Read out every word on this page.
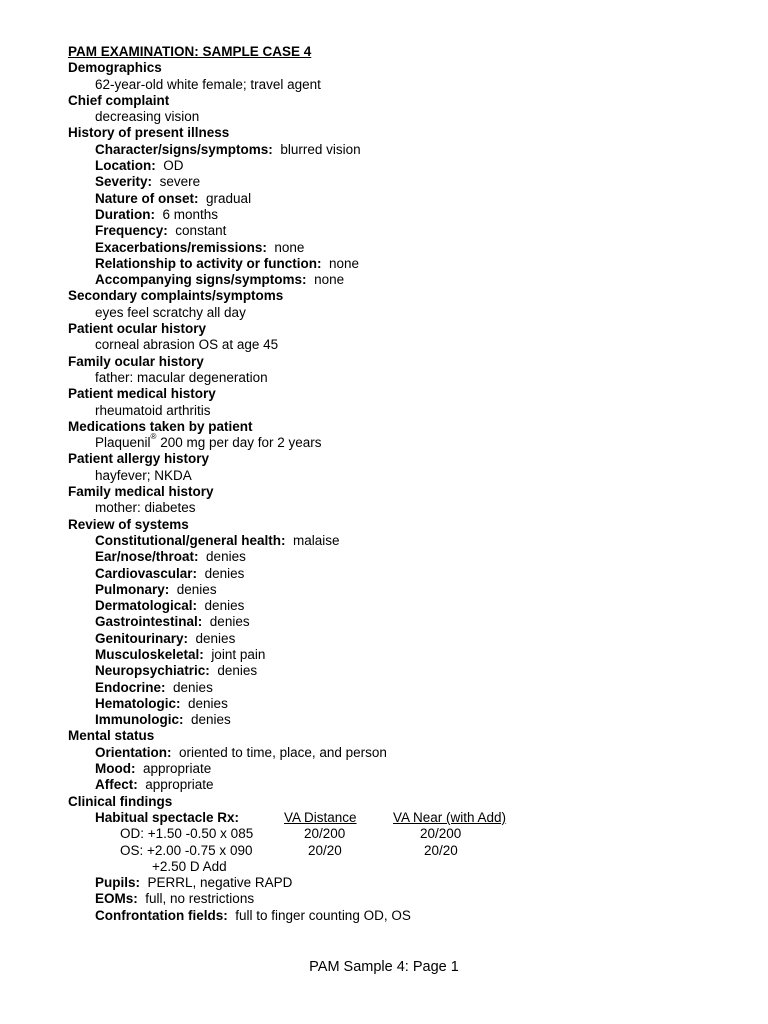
PAM EXAMINATION: SAMPLE CASE 4
Demographics
62-year-old white female; travel agent
Chief complaint
decreasing vision
History of present illness
Character/signs/symptoms: blurred vision
Location: OD
Severity: severe
Nature of onset: gradual
Duration: 6 months
Frequency: constant
Exacerbations/remissions: none
Relationship to activity or function: none
Accompanying signs/symptoms: none
Secondary complaints/symptoms
eyes feel scratchy all day
Patient ocular history
corneal abrasion OS at age 45
Family ocular history
father: macular degeneration
Patient medical history
rheumatoid arthritis
Medications taken by patient
Plaquenil® 200 mg per day for 2 years
Patient allergy history
hayfever; NKDA
Family medical history
mother: diabetes
Review of systems
Constitutional/general health: malaise
Ear/nose/throat: denies
Cardiovascular: denies
Pulmonary: denies
Dermatological: denies
Gastrointestinal: denies
Genitourinary: denies
Musculoskeletal: joint pain
Neuropsychiatric: denies
Endocrine: denies
Hematologic: denies
Immunologic: denies
Mental status
Orientation: oriented to time, place, and person
Mood: appropriate
Affect: appropriate
Clinical findings
Habitual spectacle Rx:	VA Distance	VA Near (with Add)
OD: +1.50 -0.50 x 085	20/200	20/200
OS: +2.00 -0.75 x 090	20/20	20/20
+2.50 D Add
Pupils: PERRL, negative RAPD
EOMs: full, no restrictions
Confrontation fields: full to finger counting OD, OS
PAM Sample 4: Page 1
